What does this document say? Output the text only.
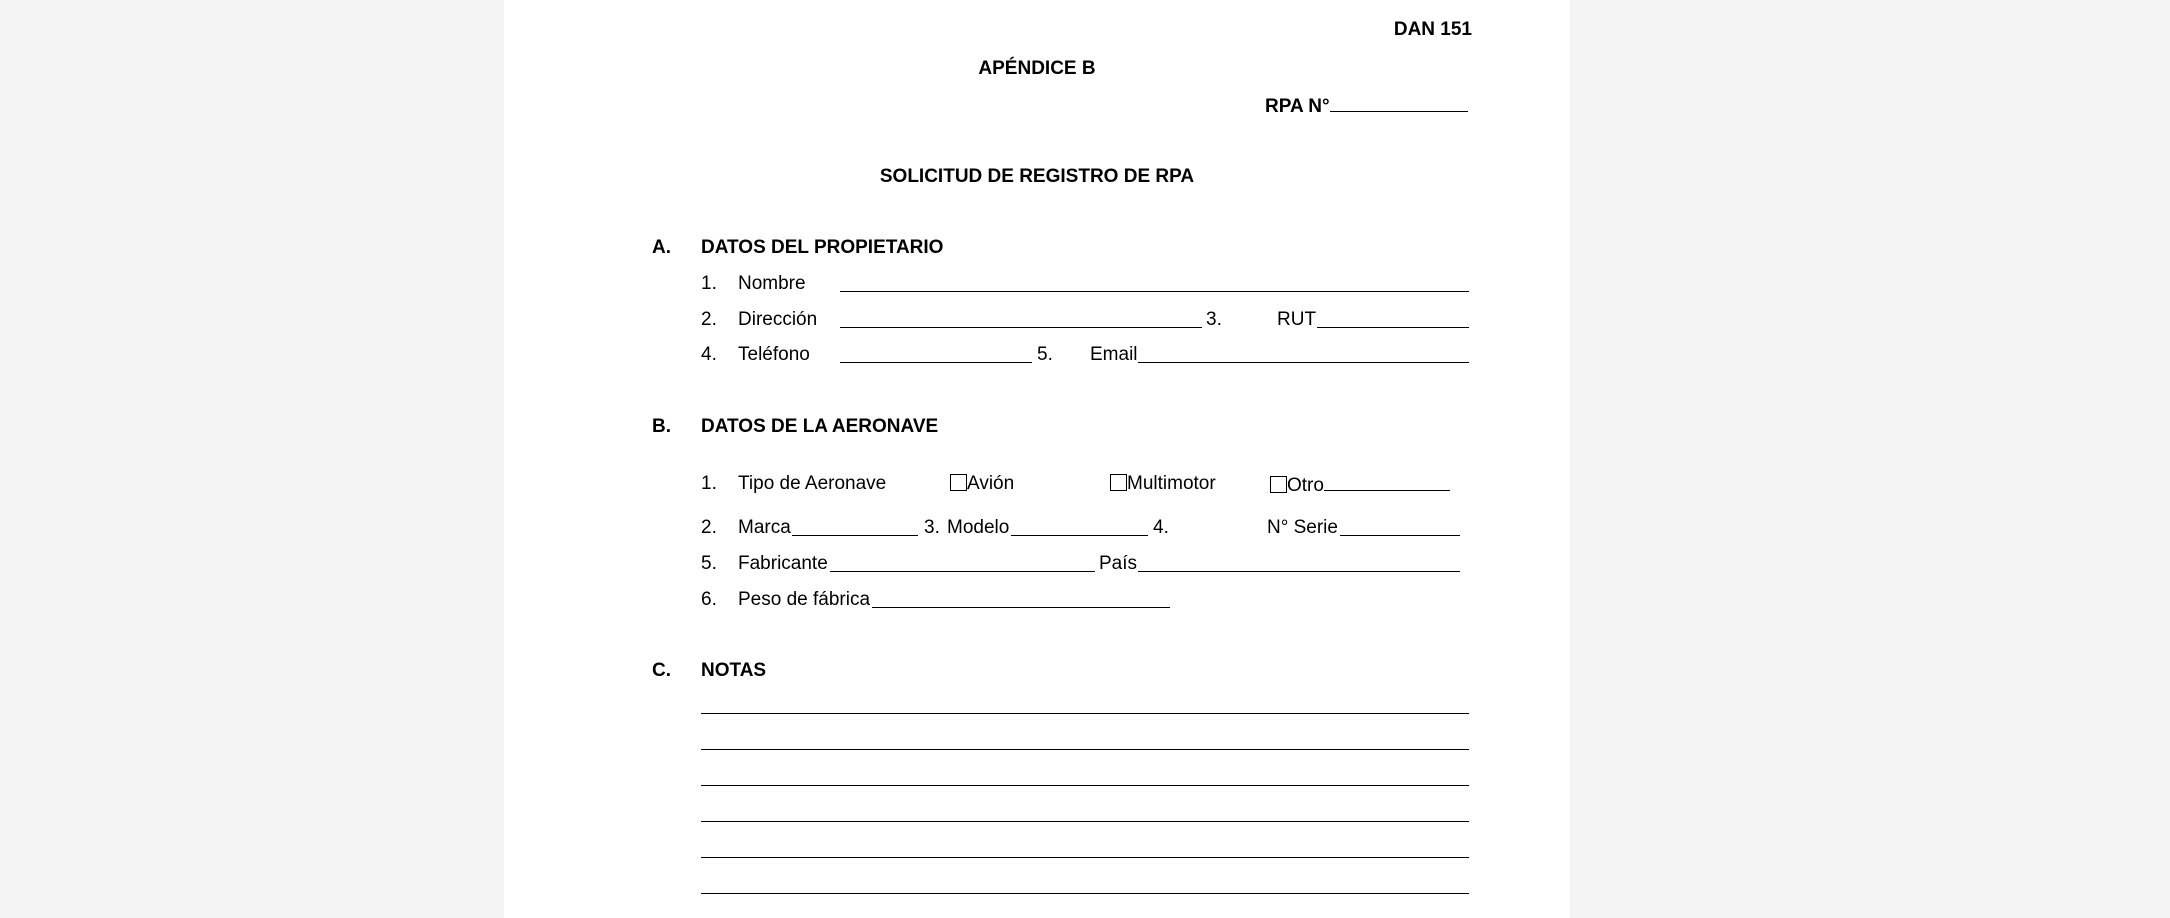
DAN 151
APÉNDICE B
RPA N°
SOLICITUD DE REGISTRO DE RPA
A. DATOS DEL PROPIETARIO
1. Nombre
2. Dirección	3.	RUT
4. Teléfono	5. Email
B. DATOS DE LA AERONAVE
1. Tipo de Aeronave	Avión	Multimotor	Otro
2. Marca	3. Modelo	4.	N° Serie
5. Fabricante	País
6. Peso de fábrica
C. NOTAS
